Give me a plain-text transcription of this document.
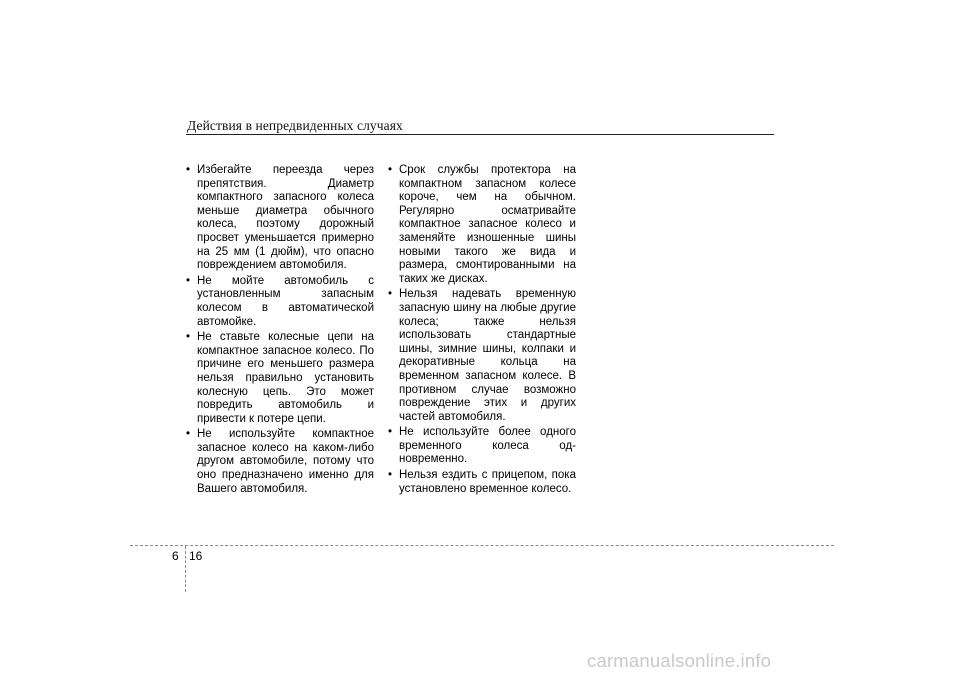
Действия в непредвиденных случаях
• Избегайте переезда через препятствия. Диаметр компактного запасного колеса меньше диаметра обычного колеса, поэтому дорожный просвет уменьшается примерно на 25 мм (1 дюйм), что опасно повреждением автомобиля.
• Не мойте автомобиль с установленным запасным колесом в автоматической автомойке.
• Не ставьте колесные цепи на компактное запасное колесо. По причине его меньшего размера нельзя правильно установить колесную цепь. Это может повредить автомобиль и привести к потере цепи.
• Не используйте компактное запасное колесо на каком-либо другом автомобиле, потому что оно предназначено именно для Вашего автомобиля.
• Срок службы протектора на компактном запасном колесе короче, чем на обычном. Регулярно осматривайте компактное запасное колесо и заменяйте изношенные шины новыми такого же вида и размера, смонтированными на таких же дисках.
• Нельзя надевать временную запасную шину на любые другие колеса; также нельзя использовать стандартные шины, зимние шины, колпаки и декоративные кольца на временном запасном колесе. В противном случае возможно повреждение этих и других частей автомобиля.
• Не используйте более одного временного колеса од-новременно.
• Нельзя ездить с прицепом, пока установлено временное колесо.
6 16
carmanualsonline.info
